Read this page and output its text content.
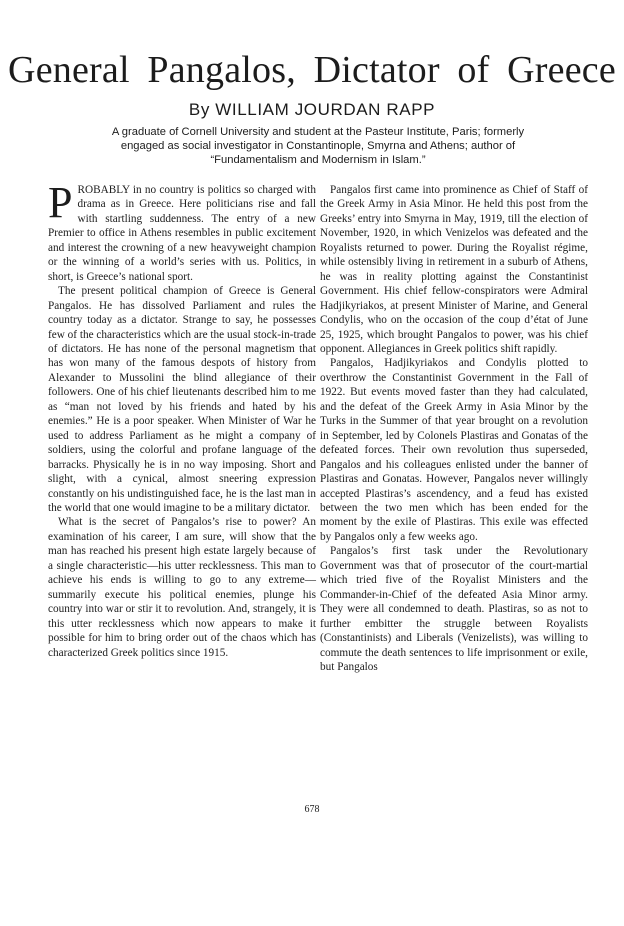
General Pangalos, Dictator of Greece

By WILLIAM JOURDAN RAPP

A graduate of Cornell University and student at the Pasteur Institute, Paris; formerly
engaged as social investigator in Constantinople, Smyrna and Athens; author of
“Fundamentalism and Modernism in Islam.”

PROBABLY in no country is politics so charged with drama as in Greece. Here politicians rise and fall with startling suddenness. The entry of a new Premier to office in Athens resembles in public excitement and interest the crowning of a new heavyweight champion or the winning of a world’s series with us. Politics, in short, is Greece’s national sport.

The present political champion of Greece is General Pangalos. He has dissolved Parliament and rules the country today as a dictator. Strange to say, he possesses few of the characteristics which are the usual stock-in-trade of dictators. He has none of the personal magnetism that has won many of the famous despots of history from Alexander to Mussolini the blind allegiance of their followers. One of his chief lieutenants described him to me as “man not loved by his friends and hated by his enemies.” He is a poor speaker. When Minister of War he used to address Parliament as he might a company of soldiers, using the colorful and profane language of the barracks. Physically he is in no way imposing. Short and slight, with a cynical, almost sneering expression constantly on his undistinguished face, he is the last man in the world that one would imagine to be a military dictator.

What is the secret of Pangalos’s rise to power? An examination of his career, I am sure, will show that the man has reached his present high estate largely because of a single characteristic—his utter recklessness. This man to achieve his ends is willing to go to any extreme—summarily execute his political enemies, plunge his country into war or stir it to revolution. And, strangely, it is this utter recklessness which now appears to make it possible for him to bring order out of the chaos which has characterized Greek politics since 1915.

Pangalos first came into prominence as Chief of Staff of the Greek Army in Asia Minor. He held this post from the Greeks’ entry into Smyrna in May, 1919, till the election of November, 1920, in which Venizelos was defeated and the Royalists returned to power. During the Royalist régime, while ostensibly living in retirement in a suburb of Athens, he was in reality plotting against the Constantinist Government. His chief fellow-conspirators were Admiral Hadjikyriakos, at present Minister of Marine, and General Condylis, who on the occasion of the coup d’état of June 25, 1925, which brought Pangalos to power, was his chief opponent. Allegiances in Greek politics shift rapidly.

Pangalos, Hadjikyriakos and Condylis plotted to overthrow the Constantinist Government in the Fall of 1922. But events moved faster than they had calculated, and the defeat of the Greek Army in Asia Minor by the Turks in the Summer of that year brought on a revolution in September, led by Colonels Plastiras and Gonatas of the defeated forces. Their own revolution thus superseded, Pangalos and his colleagues enlisted under the banner of Plastiras and Gonatas. However, Pangalos never willingly accepted Plastiras’s ascendency, and a feud has existed between the two men which has been ended for the moment by the exile of Plastiras. This exile was effected by Pangalos only a few weeks ago.

Pangalos’s first task under the Revolutionary Government was that of prosecutor of the court-martial which tried five of the Royalist Ministers and the Commander-in-Chief of the defeated Asia Minor army. They were all condemned to death. Plastiras, so as not to further embitter the struggle between Royalists (Constantinists) and Liberals (Venizelists), was willing to commute the death sentences to life imprisonment or exile, but Pangalos

678
